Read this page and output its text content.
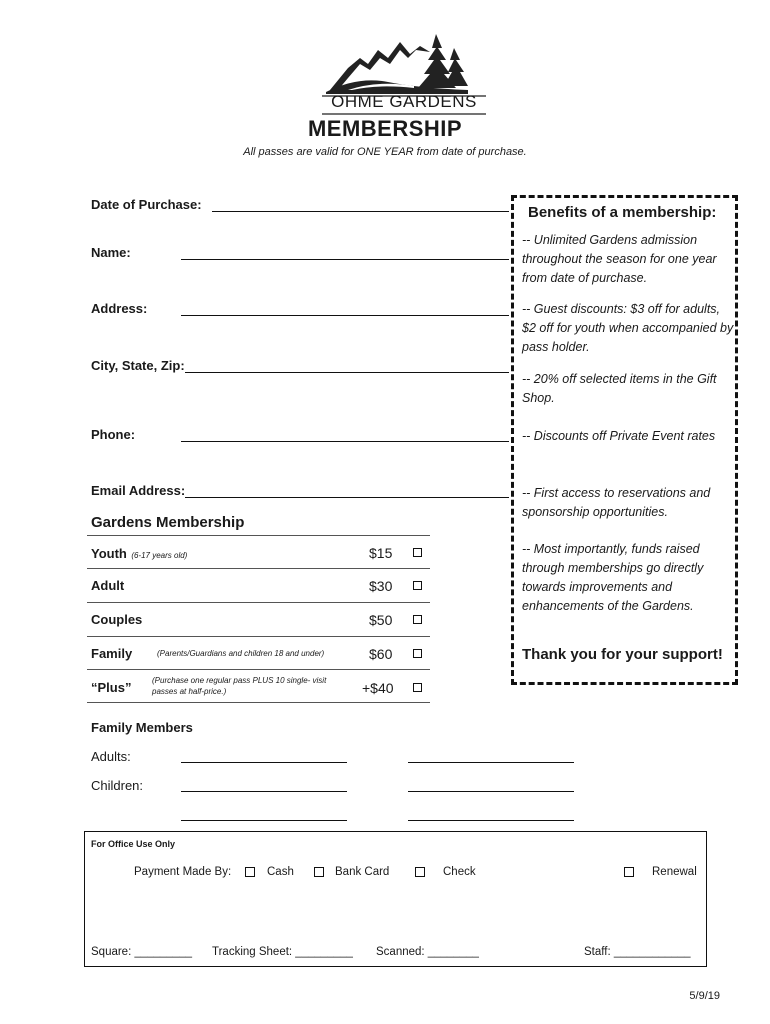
OHME GARDENS
MEMBERSHIP
All passes are valid for ONE YEAR from date of purchase.
Date of Purchase:
Name:
Address:
City, State, Zip:
Phone:
Email Address:
Benefits of a membership:
-- Unlimited Gardens admission throughout the season for one year from date of purchase.
-- Guest discounts: $3 off for adults, $2 off for youth when accompanied by pass holder.
-- 20% off selected items in the Gift Shop.
-- Discounts off Private Event rates
-- First access to reservations and sponsorship opportunities.
-- Most importantly, funds raised through memberships go directly towards improvements and enhancements of the Gardens.
Thank you for your support!
Gardens Membership
Youth (6-17 years old)	$15
Adult	$30
Couples	$50
Family	(Parents/Guardians and children 18 and under)	$60
“Plus”	(Purchase one regular pass PLUS 10 single- visit passes at half-price.)	+$40
Family Members
Adults:
Children:
For Office Use Only
Payment Made By:	Cash	Bank Card	Check	Renewal
Square: _________ Tracking Sheet: _________ Scanned: ________	Staff: ____________
5/9/19
